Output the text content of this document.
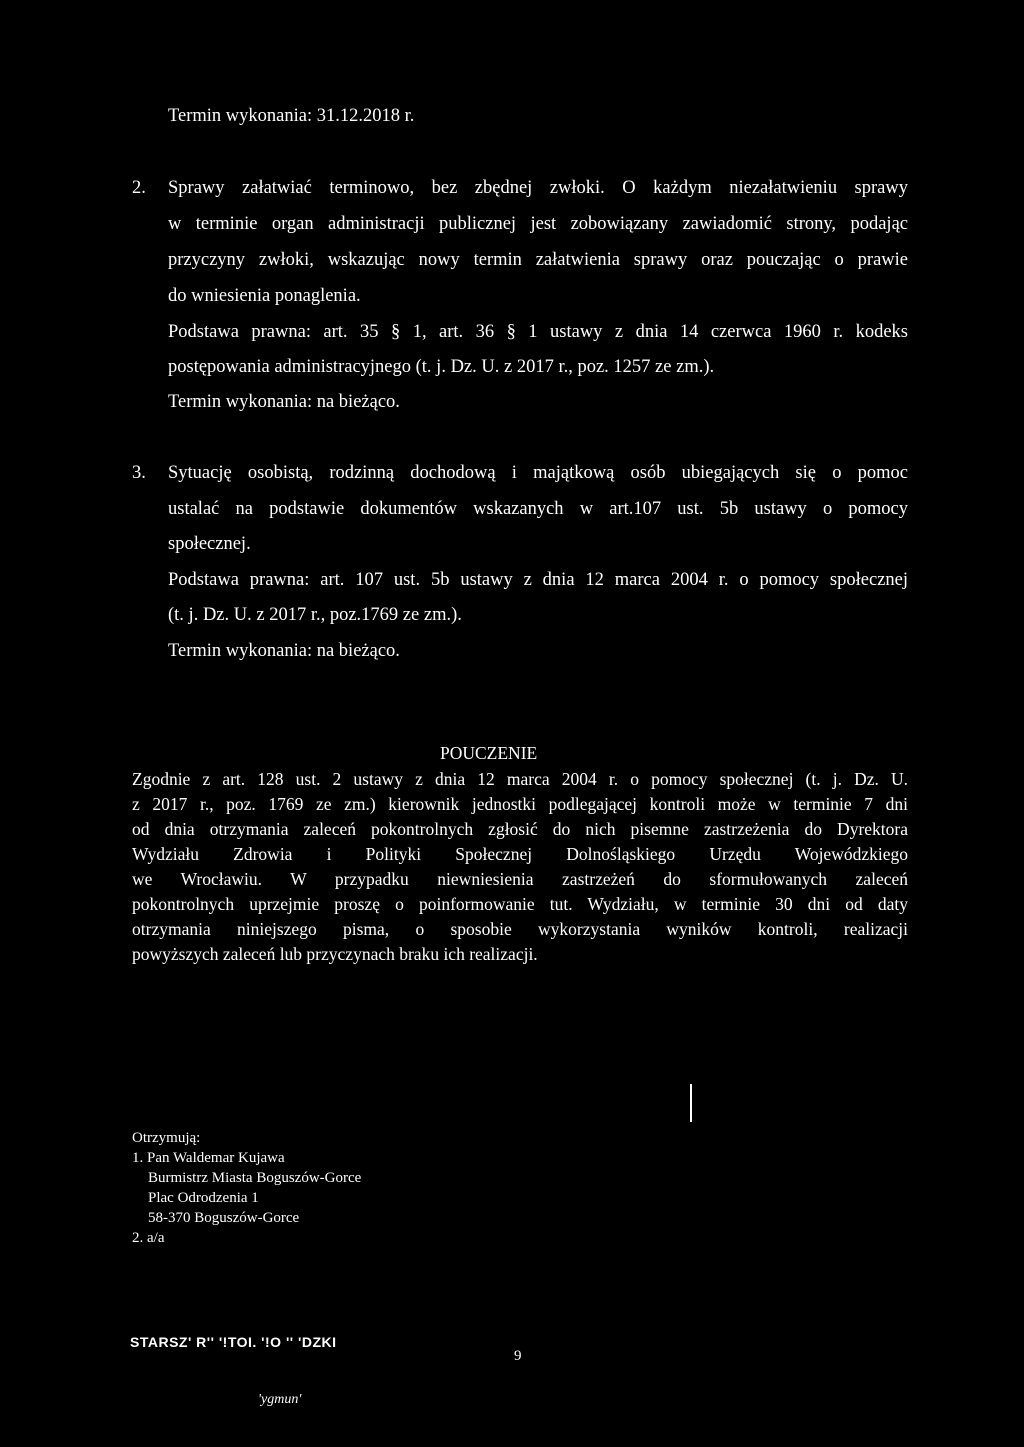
Termin wykonania: 31.12.2018 r.
2. Sprawy załatwiać terminowo, bez zbędnej zwłoki. O każdym niezałatwieniu sprawy
w terminie organ administracji publicznej jest zobowiązany zawiadomić strony, podając
przyczyny zwłoki, wskazując nowy termin załatwienia sprawy oraz pouczając o prawie
do wniesienia ponaglenia.
Podstawa prawna: art. 35 § 1, art. 36 § 1 ustawy z dnia 14 czerwca 1960 r. kodeks
postępowania administracyjnego (t. j. Dz. U. z 2017 r., poz. 1257 ze zm.).
Termin wykonania: na bieżąco.
3. Sytuację osobistą, rodzinną dochodową i majątkową osób ubiegających się o pomoc
ustalać na podstawie dokumentów wskazanych w art.107 ust. 5b ustawy o pomocy
społecznej.
Podstawa prawna: art. 107 ust. 5b ustawy z dnia 12 marca 2004 r. o pomocy społecznej
(t. j. Dz. U. z 2017 r., poz.1769 ze zm.).
Termin wykonania: na bieżąco.
POUCZENIE
Zgodnie z art. 128 ust. 2 ustawy z dnia 12 marca 2004 r. o pomocy społecznej (t. j. Dz. U.
z 2017 r., poz. 1769 ze zm.) kierownik jednostki podlegającej kontroli może w terminie 7 dni
od dnia otrzymania zaleceń pokontrolnych zgłosić do nich pisemne zastrzeżenia do Dyrektora
Wydziału Zdrowia i Polityki Społecznej Dolnośląskiego Urzędu Wojewódzkiego
we Wrocławiu. W przypadku niewniesienia zastrzeżeń do sformułowanych zaleceń
pokontrolnych uprzejmie proszę o poinformowanie tut. Wydziału, w terminie 30 dni od daty
otrzymania niniejszego pisma, o sposobie wykorzystania wyników kontroli, realizacji
powyższych zaleceń lub przyczynach braku ich realizacji.
Otrzymują:
1. Pan Waldemar Kujawa
Burmistrz Miasta Boguszów-Gorce
Plac Odrodzenia 1
58-370 Boguszów-Gorce
2. a/a
STARSZ' R'' '!TOI. '!O '' 'DZKI
'ygmun'
9
